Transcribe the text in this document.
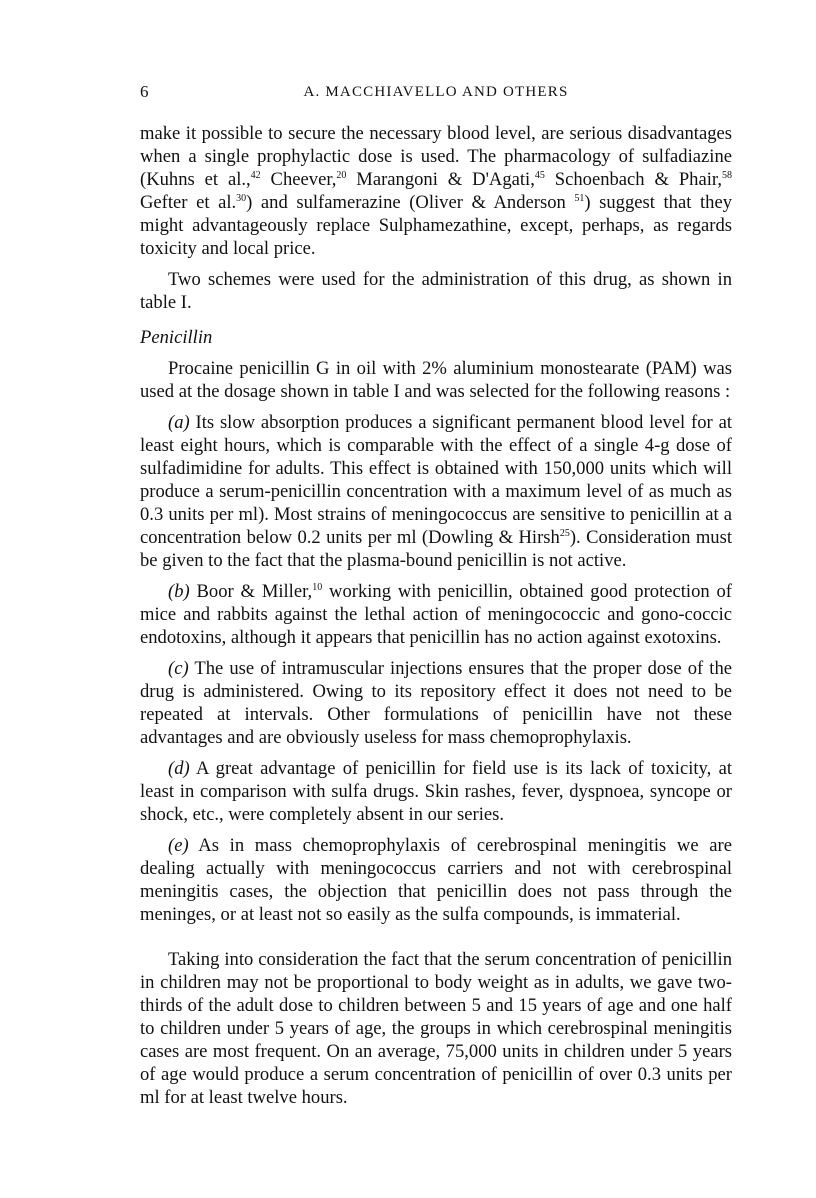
6	A. MACCHIAVELLO AND OTHERS

make it possible to secure the necessary blood level, are serious disadvantages when a single prophylactic dose is used. The pharmacology of sulfadiazine (Kuhns et al.,$^{42}$ Cheever,$^{20}$ Marangoni & D'Agati,$^{45}$ Schoenbach & Phair,$^{58}$ Gefter et al.$^{30}$) and sulfamerazine (Oliver & Anderson $^{51}$) suggest that they might advantageously replace Sulphamezathine, except, perhaps, as regards toxicity and local price.

Two schemes were used for the administration of this drug, as shown in table I.

Penicillin

Procaine penicillin G in oil with 2% aluminium monostearate (PAM) was used at the dosage shown in table I and was selected for the following reasons :

(a) Its slow absorption produces a significant permanent blood level for at least eight hours, which is comparable with the effect of a single 4-g dose of sulfadimidine for adults. This effect is obtained with 150,000 units which will produce a serum-penicillin concentration with a maximum level of as much as 0.3 units per ml). Most strains of meningococcus are sensitive to penicillin at a concentration below 0.2 units per ml (Dowling & Hirsh$^{25}$). Consideration must be given to the fact that the plasma-bound penicillin is not active.

(b) Boor & Miller,$^{10}$ working with penicillin, obtained good protection of mice and rabbits against the lethal action of meningococcic and gono-coccic endotoxins, although it appears that penicillin has no action against exotoxins.

(c) The use of intramuscular injections ensures that the proper dose of the drug is administered. Owing to its repository effect it does not need to be repeated at intervals. Other formulations of penicillin have not these advantages and are obviously useless for mass chemoprophylaxis.

(d) A great advantage of penicillin for field use is its lack of toxicity, at least in comparison with sulfa drugs. Skin rashes, fever, dyspnoea, syncope or shock, etc., were completely absent in our series.

(e) As in mass chemoprophylaxis of cerebrospinal meningitis we are dealing actually with meningococcus carriers and not with cerebrospinal meningitis cases, the objection that penicillin does not pass through the meninges, or at least not so easily as the sulfa compounds, is immaterial.

Taking into consideration the fact that the serum concentration of penicillin in children may not be proportional to body weight as in adults, we gave two-thirds of the adult dose to children between 5 and 15 years of age and one half to children under 5 years of age, the groups in which cerebrospinal meningitis cases are most frequent. On an average, 75,000 units in children under 5 years of age would produce a serum concentration of penicillin of over 0.3 units per ml for at least twelve hours.
